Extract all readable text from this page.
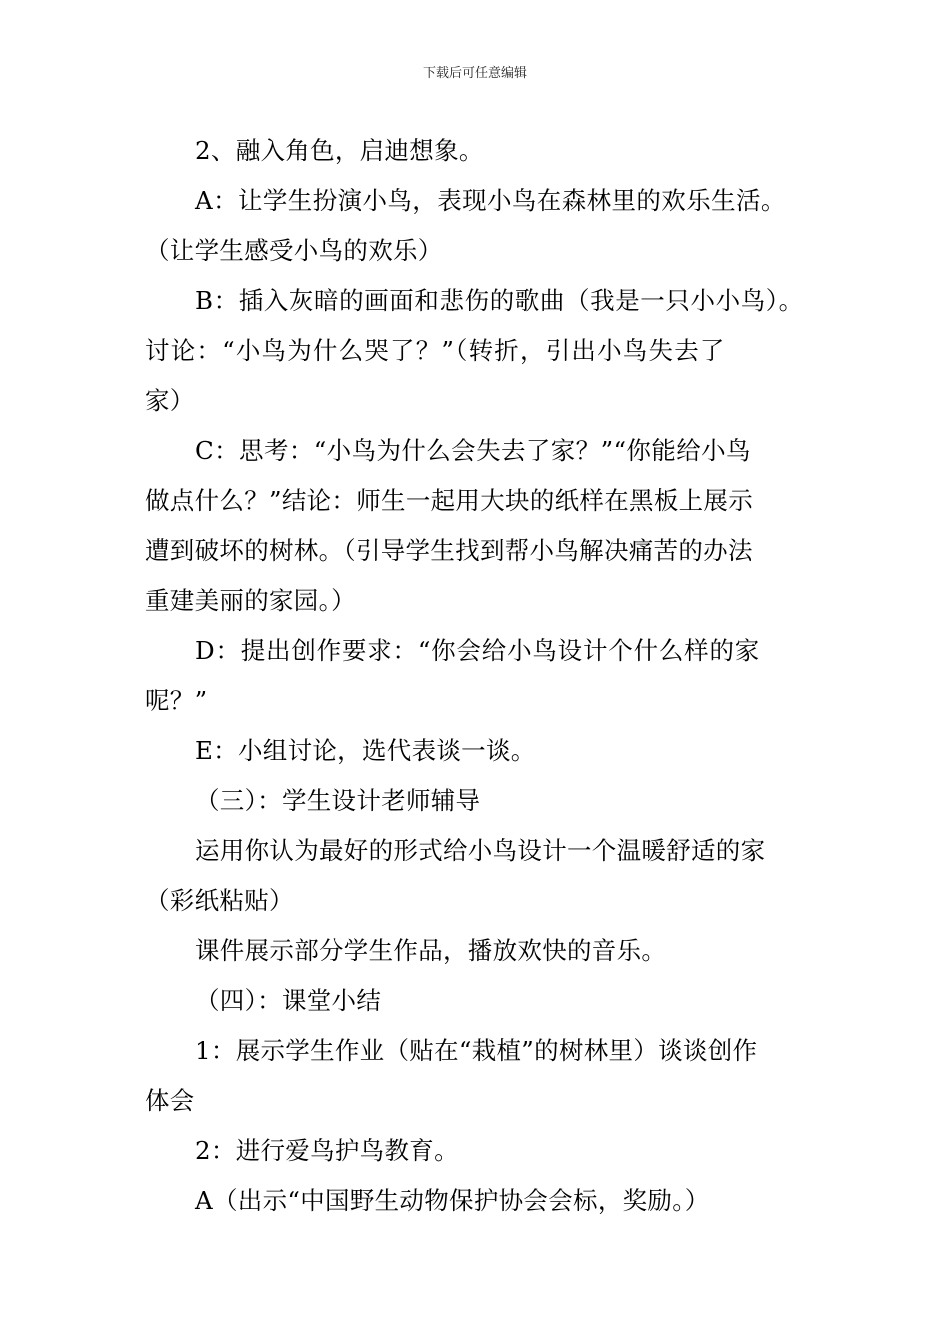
下载后可任意编辑
2、融入角色，启迪想象。
A：让学生扮演小鸟，表现小鸟在森林里的欢乐生活。
（让学生感受小鸟的欢乐）
B：插入灰暗的画面和悲伤的歌曲（我是一只小小鸟）。
讨论：“小鸟为什么哭了？”（转折，引出小鸟失去了
家）
C：思考：“小鸟为什么会失去了家？”“你能给小鸟
做点什么？”结论：师生一起用大块的纸样在黑板上展示
遭到破坏的树林。（引导学生找到帮小鸟解决痛苦的办法
重建美丽的家园。）
D：提出创作要求：“你会给小鸟设计个什么样的家
呢？”
E：小组讨论，选代表谈一谈。
（三）：学生设计老师辅导
运用你认为最好的形式给小鸟设计一个温暖舒适的家
（彩纸粘贴）
课件展示部分学生作品，播放欢快的音乐。
（四）：课堂小结
1：展示学生作业（贴在“栽植”的树林里）谈谈创作
体会
2：进行爱鸟护鸟教育。
A（出示“中国野生动物保护协会会标，奖励。）
